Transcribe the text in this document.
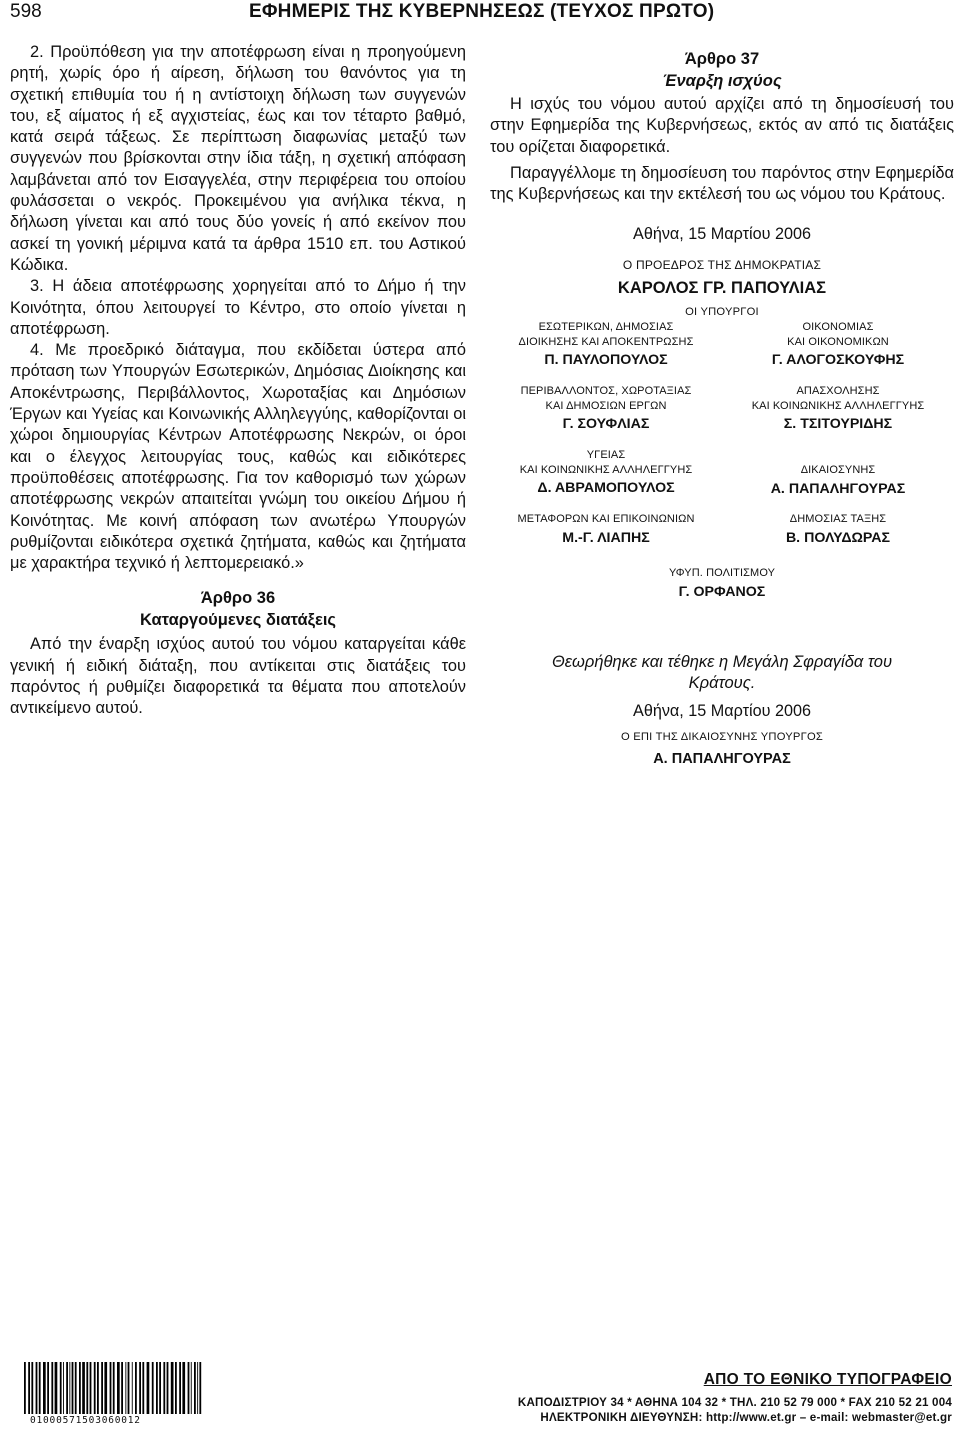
598	ΕΦΗΜΕΡΙΣ ΤΗΣ ΚΥΒΕΡΝΗΣΕΩΣ (ΤΕΥΧΟΣ ΠΡΩΤΟ)

2. Προϋπόθεση για την αποτέφρωση είναι η προηγούμενη ρητή, χωρίς όρο ή αίρεση, δήλωση του θανόντος για τη σχετική επιθυμία του ή η αντίστοιχη δήλωση των συγγενών του, εξ αίματος ή εξ αγχιστείας, έως και τον τέταρτο βαθμό, κατά σειρά τάξεως. Σε περίπτωση διαφωνίας μεταξύ των συγγενών που βρίσκονται στην ίδια τάξη, η σχετική απόφαση λαμβάνεται από τον Εισαγγελέα, στην περιφέρεια του οποίου φυλάσσεται ο νεκρός. Προκειμένου για ανήλικα τέκνα, η δήλωση γίνεται και από τους δύο γονείς ή από εκείνον που ασκεί τη γονική μέριμνα κατά τα άρθρα 1510 επ. του Αστικού Κώδικα.

3. Η άδεια αποτέφρωσης χορηγείται από το Δήμο ή την Κοινότητα, όπου λειτουργεί το Κέντρο, στο οποίο γίνεται η αποτέφρωση.

4. Με προεδρικό διάταγμα, που εκδίδεται ύστερα από πρόταση των Υπουργών Εσωτερικών, Δημόσιας Διοίκησης και Αποκέντρωσης, Περιβάλλοντος, Χωροταξίας και Δημόσιων Έργων και Υγείας και Κοινωνικής Αλληλεγγύης, καθορίζονται οι χώροι δημιουργίας Κέντρων Αποτέφρωσης Νεκρών, οι όροι και ο έλεγχος λειτουργίας τους, καθώς και ειδικότερες προϋποθέσεις αποτέφρωσης. Για τον καθορισμό των χώρων αποτέφρωσης νεκρών απαιτείται γνώμη του οικείου Δήμου ή Κοινότητας. Με κοινή απόφαση των ανωτέρω Υπουργών ρυθμίζονται ειδικότερα σχετικά ζητήματα, καθώς και ζητήματα με χαρακτήρα τεχνικό ή λεπτομερειακό.»

Άρθρο 36
Καταργούμενες διατάξεις

Από την έναρξη ισχύος αυτού του νόμου καταργείται κάθε γενική ή ειδική διάταξη, που αντίκειται στις διατάξεις του παρόντος ή ρυθμίζει διαφορετικά τα θέματα που αποτελούν αντικείμενο αυτού.

Άρθρο 37
Έναρξη ισχύος

Η ισχύς του νόμου αυτού αρχίζει από τη δημοσίευσή του στην Εφημερίδα της Κυβερνήσεως, εκτός αν από τις διατάξεις του ορίζεται διαφορετικά.

Παραγγέλλομε τη δημοσίευση του παρόντος στην Εφημερίδα της Κυβερνήσεως και την εκτέλεσή του ως νόμου του Κράτους.

Αθήνα, 15 Μαρτίου 2006
Ο ΠΡΟΕΔΡΟΣ ΤΗΣ ΔΗΜΟΚΡΑΤΙΑΣ
ΚΑΡΟΛΟΣ ΓΡ. ΠΑΠΟΥΛΙΑΣ
ΟΙ ΥΠΟΥΡΓΟΙ
ΕΣΩΤΕΡΙΚΩΝ, ΔΗΜΟΣΙΑΣ
ΔΙΟΙΚΗΣΗΣ ΚΑΙ ΑΠΟΚΕΝΤΡΩΣΗΣ
Π. ΠΑΥΛΟΠΟΥΛΟΣ
ΟΙΚΟΝΟΜΙΑΣ
ΚΑΙ ΟΙΚΟΝΟΜΙΚΩΝ
Γ. ΑΛΟΓΟΣΚΟΥΦΗΣ
ΠΕΡΙΒΑΛΛΟΝΤΟΣ, ΧΩΡΟΤΑΞΙΑΣ
ΚΑΙ ΔΗΜΟΣΙΩΝ ΕΡΓΩΝ
Γ. ΣΟΥΦΛΙΑΣ
ΑΠΑΣΧΟΛΗΣΗΣ
ΚΑΙ ΚΟΙΝΩΝΙΚΗΣ ΑΛΛΗΛΕΓΓΥΗΣ
Σ. ΤΣΙΤΟΥΡΙΔΗΣ
ΥΓΕΙΑΣ
ΚΑΙ ΚΟΙΝΩΝΙΚΗΣ ΑΛΛΗΛΕΓΓΥΗΣ
Δ. ΑΒΡΑΜΟΠΟΥΛΟΣ
ΔΙΚΑΙΟΣΥΝΗΣ
Α. ΠΑΠΑΛΗΓΟΥΡΑΣ
ΜΕΤΑΦΟΡΩΝ ΚΑΙ ΕΠΙΚΟΙΝΩΝΙΩΝ
Μ.-Γ. ΛΙΑΠΗΣ
ΔΗΜΟΣΙΑΣ ΤΑΞΗΣ
Β. ΠΟΛΥΔΩΡΑΣ
ΥΦΥΠ. ΠΟΛΙΤΙΣΜΟΥ
Γ. ΟΡΦΑΝΟΣ
Θεωρήθηκε και τέθηκε η Μεγάλη Σφραγίδα του Κράτους.
Αθήνα, 15 Μαρτίου 2006
Ο ΕΠΙ ΤΗΣ ΔΙΚΑΙΟΣΥΝΗΣ ΥΠΟΥΡΓΟΣ
Α. ΠΑΠΑΛΗΓΟΥΡΑΣ
01000571503060012
ΑΠΟ ΤΟ ΕΘΝΙΚΟ ΤΥΠΟΓΡΑΦΕΙΟ
ΚΑΠΟΔΙΣΤΡΙΟΥ 34 * ΑΘΗΝΑ 104 32 * ΤΗΛ. 210 52 79 000 * FAX 210 52 21 004
ΗΛΕΚΤΡΟΝΙΚΗ ΔΙΕΥΘΥΝΣΗ: http://www.et.gr – e-mail: webmaster@et.gr
